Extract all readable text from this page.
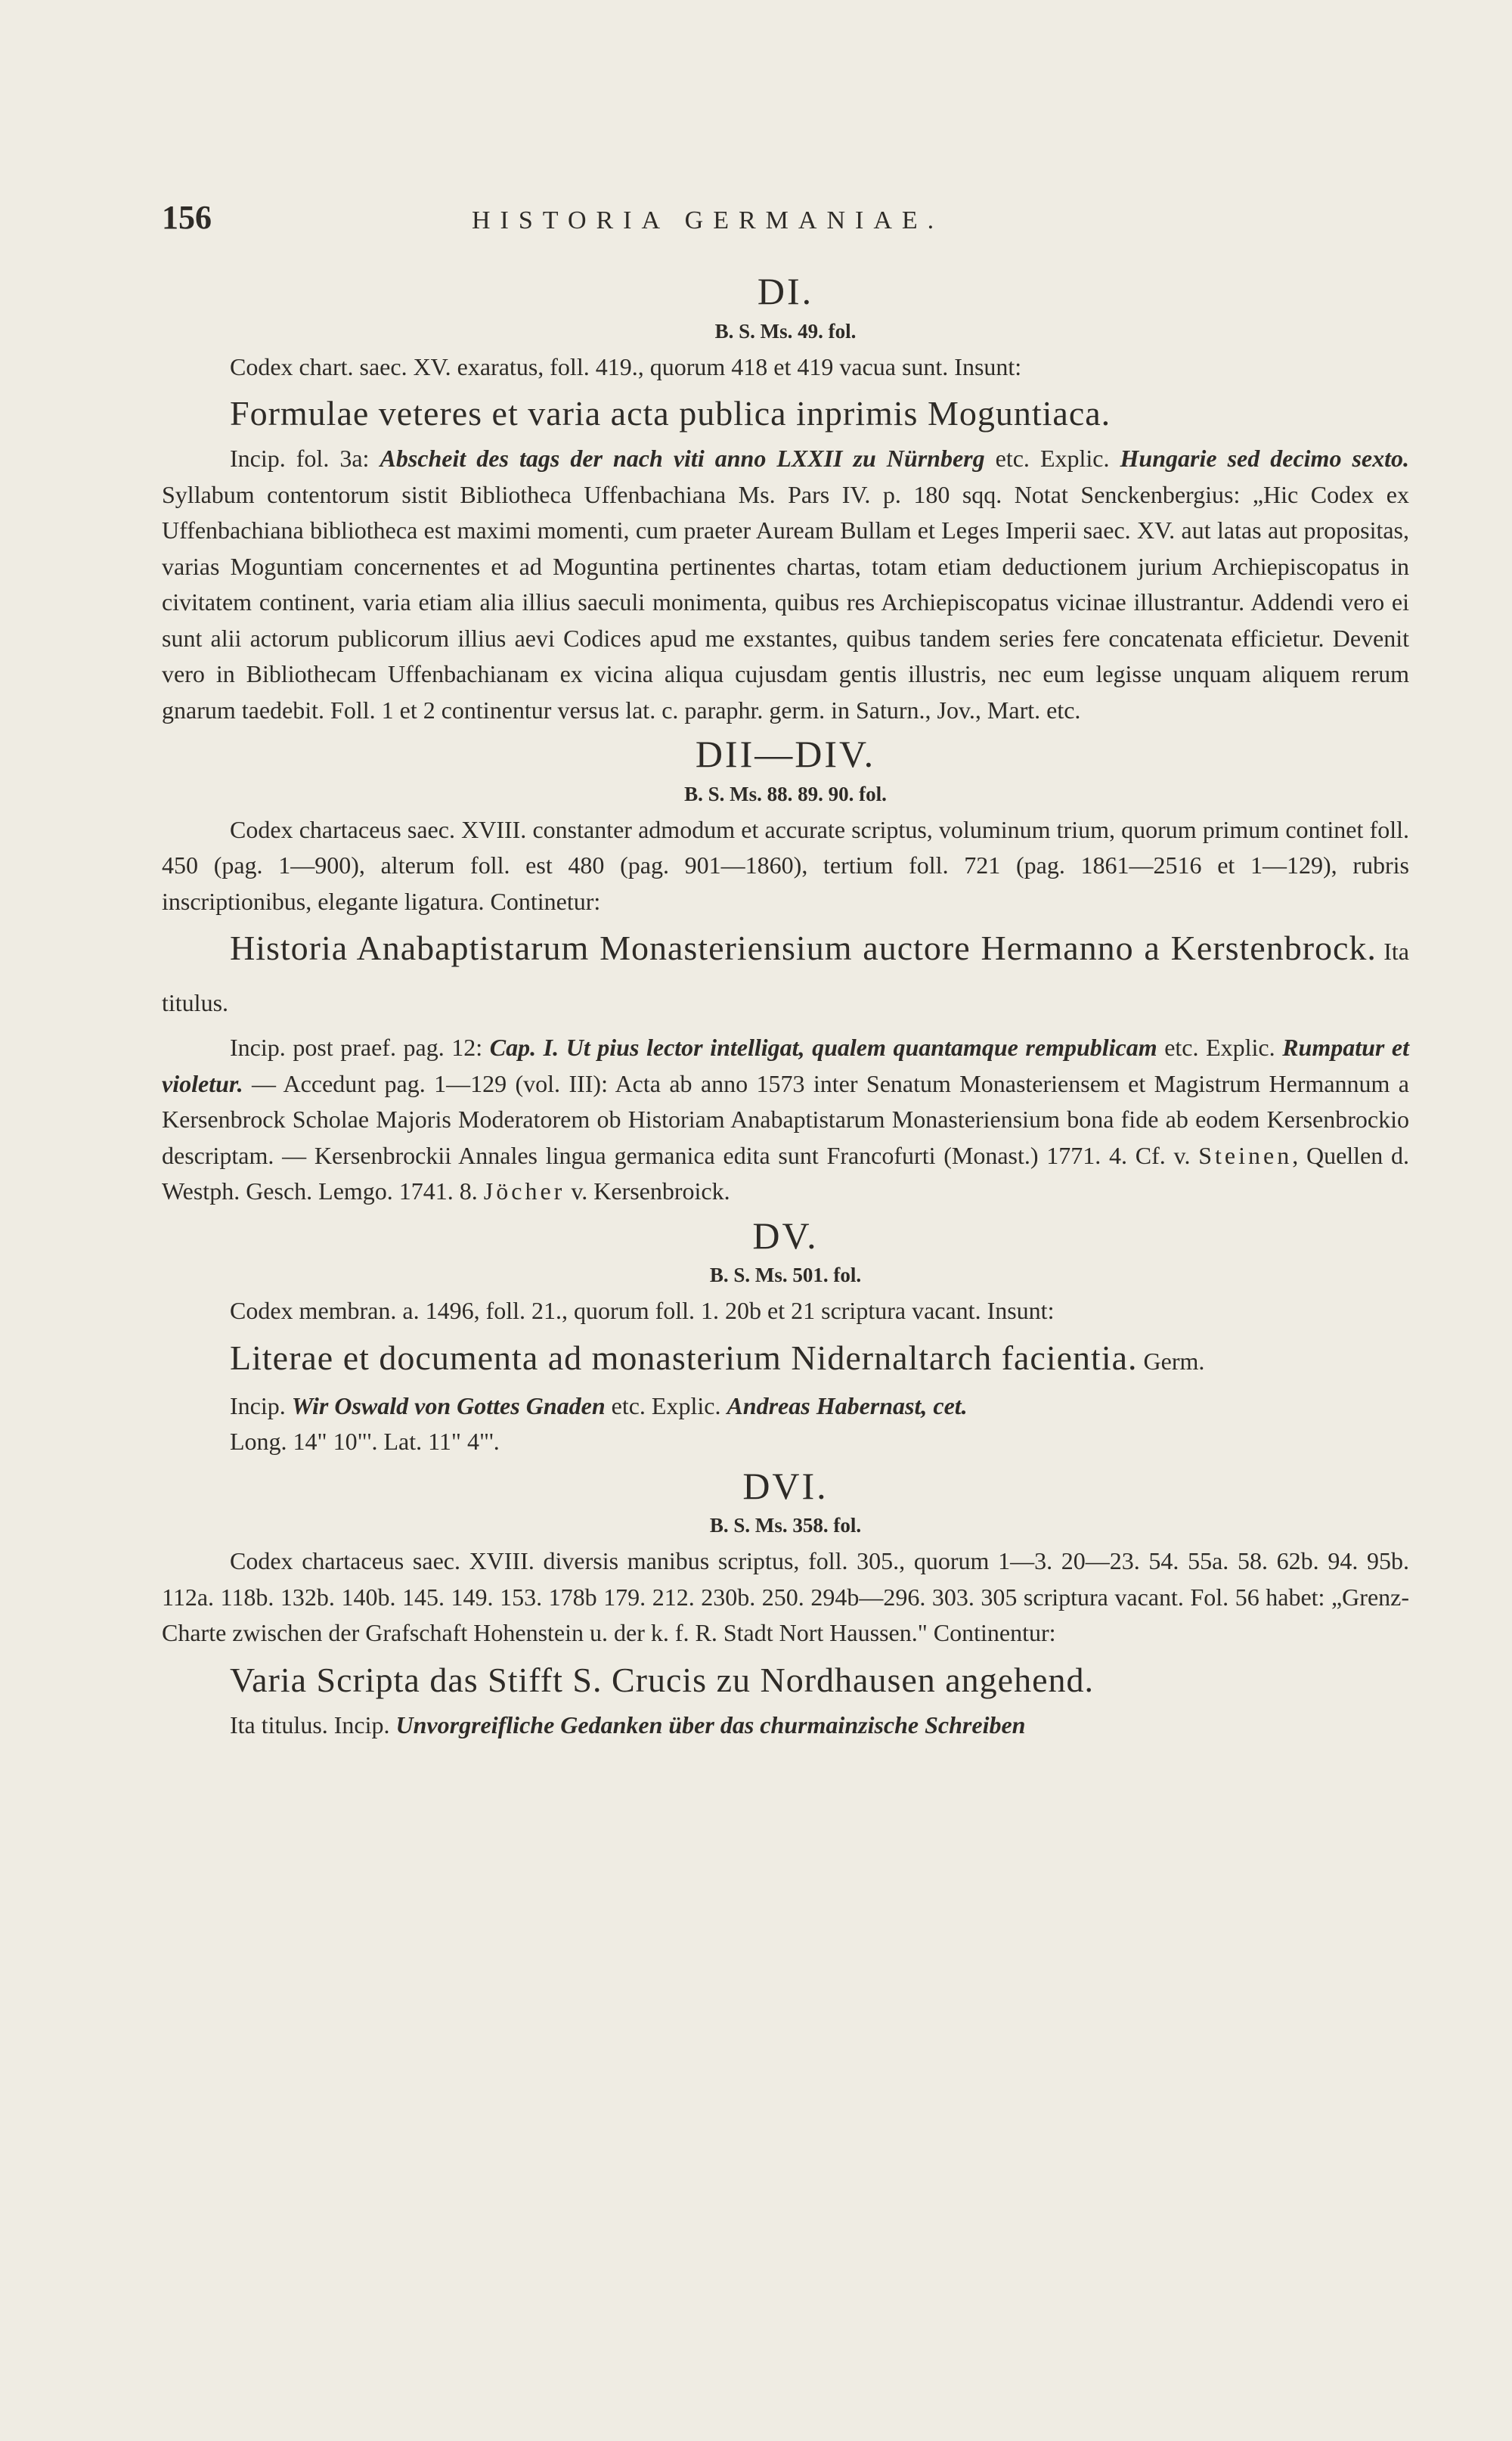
156	HISTORIA GERMANIAE.
DI.
B. S. Ms. 49. fol.

Codex chart. saec. XV. exaratus, foll. 419., quorum 418 et 419 vacua sunt. Insunt:

Formulae veteres et varia acta publica inprimis Moguntiaca.

Incip. fol. 3a: Abscheit des tags der nach viti anno LXXII zu Nürnberg etc. Explic. Hungarie sed decimo sexto. Syllabum contentorum sistit Bibliotheca Uffenbachiana Ms. Pars IV. p. 180 sqq. Notat Senckenbergius: „Hic Codex ex Uffenbachiana bibliotheca est maximi momenti, cum praeter Auream Bullam et Leges Imperii saec. XV. aut latas aut propositas, varias Moguntiam concernentes et ad Moguntina pertinentes chartas, totam etiam deductionem jurium Archiepiscopatus in civitatem continent, varia etiam alia illius saeculi monimenta, quibus res Archiepiscopatus vicinae illustrantur. Addendi vero ei sunt alii actorum publicorum illius aevi Codices apud me exstantes, quibus tandem series fere concatenata efficietur. Devenit vero in Bibliothecam Uffenbachianam ex vicina aliqua cujusdam gentis illustris, nec eum legisse unquam aliquem rerum gnarum taedebit. Foll. 1 et 2 continentur versus lat. c. paraphr. germ. in Saturn., Jov., Mart. etc.

DII—DIV.
B. S. Ms. 88. 89. 90. fol.

Codex chartaceus saec. XVIII. constanter admodum et accurate scriptus, voluminum trium, quorum primum continet foll. 450 (pag. 1—900), alterum foll. est 480 (pag. 901—1860), tertium foll. 721 (pag. 1861—2516 et 1—129), rubris inscriptionibus, elegante ligatura. Continetur:

Historia Anabaptistarum Monasteriensium auctore Hermanno a Kerstenbrock. Ita titulus.

Incip. post praef. pag. 12: Cap. I. Ut pius lector intelligat, qualem quantamque rempublicam etc. Explic. Rumpatur et violetur. — Accedunt pag. 1—129 (vol. III): Acta ab anno 1573 inter Senatum Monasteriensem et Magistrum Hermannum a Kersenbrock Scholae Majoris Moderatorem ob Historiam Anabaptistarum Monasteriensium bona fide ab eodem Kersenbrockio descriptam. — Kersenbrockii Annales lingua germanica edita sunt Francofurti (Monast.) 1771. 4. Cf. v. Steinen, Quellen d. Westph. Gesch. Lemgo. 1741. 8. Jöcher v. Kersenbroick.

DV.
B. S. Ms. 501. fol.

Codex membran. a. 1496, foll. 21., quorum foll. 1. 20b et 21 scriptura vacant. Insunt:

Literae et documenta ad monasterium Nidernaltarch facientia. Germ.

Incip. Wir Oswald von Gottes Gnaden etc. Explic. Andreas Habernast, cet.

Long. 14" 10"'. Lat. 11" 4"'.

DVI.
B. S. Ms. 358. fol.

Codex chartaceus saec. XVIII. diversis manibus scriptus, foll. 305., quorum 1—3. 20—23. 54. 55a. 58. 62b. 94. 95b. 112a. 118b. 132b. 140b. 145. 149. 153. 178b 179. 212. 230b. 250. 294b—296. 303. 305 scriptura vacant. Fol. 56 habet: „Grenz-Charte zwischen der Grafschaft Hohenstein u. der k. f. R. Stadt Nort Haussen." Continentur:

Varia Scripta das Stifft S. Crucis zu Nordhausen angehend.

Ita titulus. Incip. Unvorgreifliche Gedanken über das churmainzische Schreiben
